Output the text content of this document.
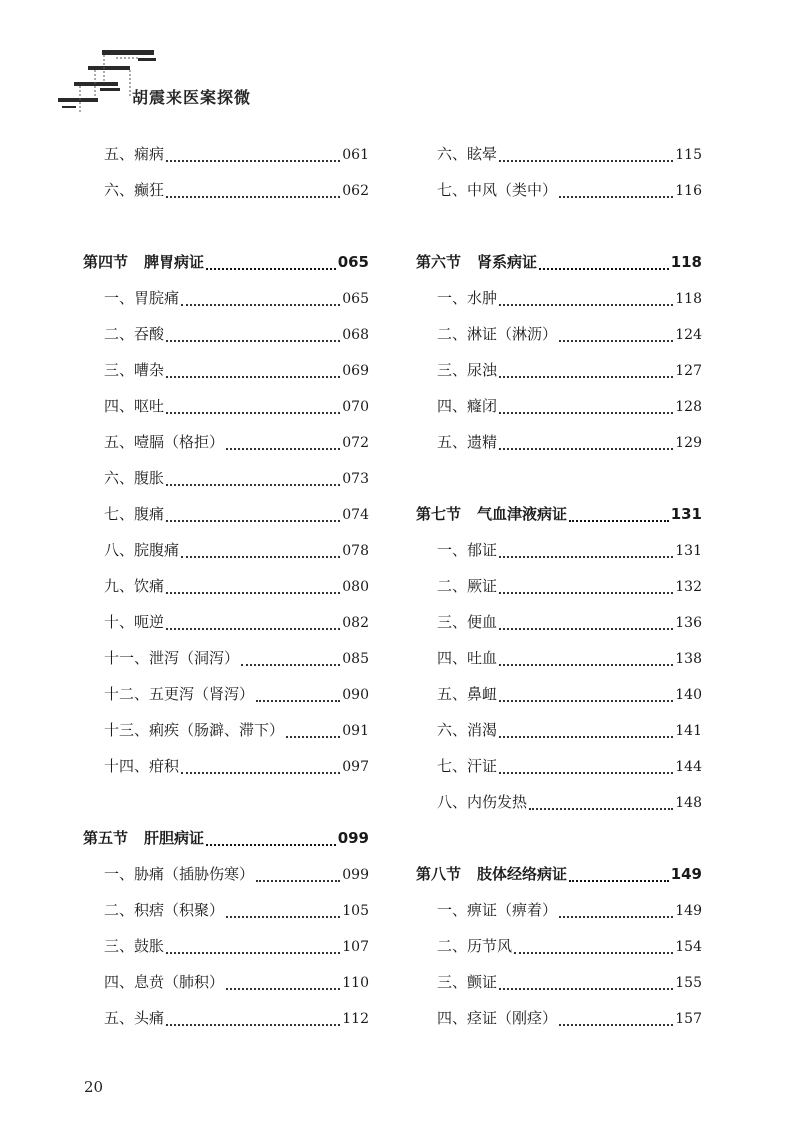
胡震来医案探微
五、痫病	061
六、癫狂	062
第四节 脾胃病证	065
一、胃脘痛	065
二、吞酸	068
三、嘈杂	069
四、呕吐	070
五、噎膈（格拒）	072
六、腹胀	073
七、腹痛	074
八、脘腹痛	078
九、饮痛	080
十、呃逆	082
十一、泄泻（洞泻）	085
十二、五更泻（肾泻）	090
十三、痢疾（肠澼、滞下）	091
十四、疳积	097
第五节 肝胆病证	099
一、胁痛（插胁伤寒）	099
二、积痞（积聚）	105
三、鼓胀	107
四、息贲（肺积）	110
五、头痛	112
六、眩晕	115
七、中风（类中）	116
第六节 肾系病证	118
一、水肿	118
二、淋证（淋沥）	124
三、尿浊	127
四、癃闭	128
五、遗精	129
第七节 气血津液病证	131
一、郁证	131
二、厥证	132
三、便血	136
四、吐血	138
五、鼻衄	140
六、消渴	141
七、汗证	144
八、内伤发热	148
第八节 肢体经络病证	149
一、痹证（痹着）	149
二、历节风	154
三、颤证	155
四、痉证（刚痉）	157
20
